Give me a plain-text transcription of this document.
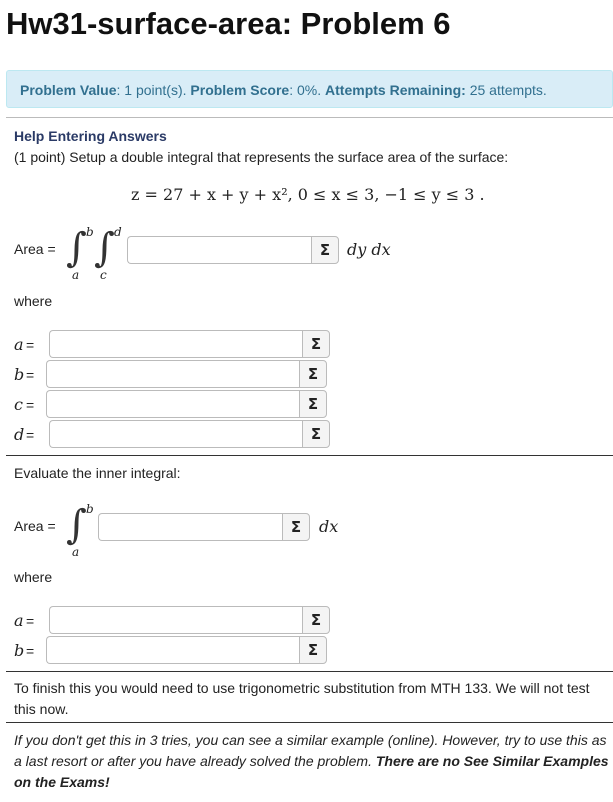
Hw31-surface-area: Problem 6
Problem Value: 1 point(s). Problem Score: 0%. Attempts Remaining: 25 attempts.
Help Entering Answers
(1 point) Setup a double integral that represents the surface area of the surface:
z = 27 + x + y + x², 0 ≤ x ≤ 3, −1 ≤ y ≤ 3 .
Area = ∫ b
a
∫ d
c
Σ	dy dx
where
a =	Σ
b =	Σ
c =	Σ
d =	Σ
Evaluate the inner integral:
Area = ∫ b
a
Σ	dx
where
a =	Σ
b =	Σ
To finish this you would need to use trigonometric substitution from MTH 133. We will not test this now.
If you don't get this in 3 tries, you can see a similar example (online). However, try to use this as a last resort or after you have already solved the problem. There are no See Similar Examples on the Exams!
